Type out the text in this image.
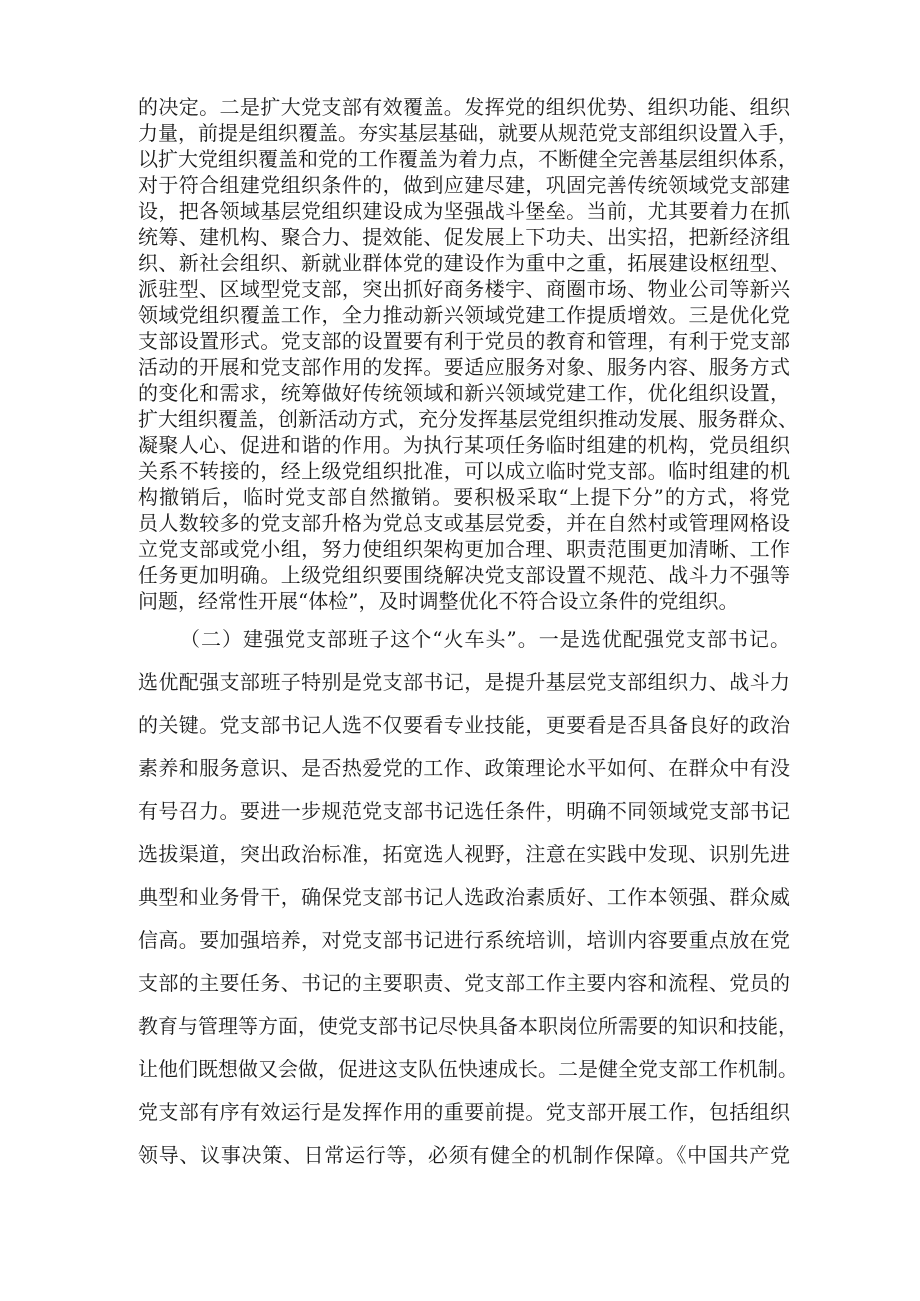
的决定。二是扩大党支部有效覆盖。发挥党的组织优势、组织功能、组织
力量，前提是组织覆盖。夯实基层基础，就要从规范党支部组织设置入手，
以扩大党组织覆盖和党的工作覆盖为着力点，不断健全完善基层组织体系，
对于符合组建党组织条件的，做到应建尽建，巩固完善传统领域党支部建
设，把各领域基层党组织建设成为坚强战斗堡垒。当前，尤其要着力在抓
统筹、建机构、聚合力、提效能、促发展上下功夫、出实招，把新经济组
织、新社会组织、新就业群体党的建设作为重中之重，拓展建设枢纽型、
派驻型、区域型党支部，突出抓好商务楼宇、商圈市场、物业公司等新兴
领域党组织覆盖工作，全力推动新兴领域党建工作提质增效。三是优化党
支部设置形式。党支部的设置要有利于党员的教育和管理，有利于党支部
活动的开展和党支部作用的发挥。要适应服务对象、服务内容、服务方式
的变化和需求，统筹做好传统领域和新兴领域党建工作，优化组织设置，
扩大组织覆盖，创新活动方式，充分发挥基层党组织推动发展、服务群众、
凝聚人心、促进和谐的作用。为执行某项任务临时组建的机构，党员组织
关系不转接的，经上级党组织批准，可以成立临时党支部。临时组建的机
构撤销后，临时党支部自然撤销。要积极采取“上提下分”的方式，将党
员人数较多的党支部升格为党总支或基层党委，并在自然村或管理网格设
立党支部或党小组，努力使组织架构更加合理、职责范围更加清晰、工作
任务更加明确。上级党组织要围绕解决党支部设置不规范、战斗力不强等
问题，经常性开展“体检”，及时调整优化不符合设立条件的党组织。
（二）建强党支部班子这个“火车头”。一是选优配强党支部书记。
选优配强支部班子特别是党支部书记，是提升基层党支部组织力、战斗力
的关键。党支部书记人选不仅要看专业技能，更要看是否具备良好的政治
素养和服务意识、是否热爱党的工作、政策理论水平如何、在群众中有没
有号召力。要进一步规范党支部书记选任条件，明确不同领域党支部书记
选拔渠道，突出政治标准，拓宽选人视野，注意在实践中发现、识别先进
典型和业务骨干，确保党支部书记人选政治素质好、工作本领强、群众威
信高。要加强培养，对党支部书记进行系统培训，培训内容要重点放在党
支部的主要任务、书记的主要职责、党支部工作主要内容和流程、党员的
教育与管理等方面，使党支部书记尽快具备本职岗位所需要的知识和技能，
让他们既想做又会做，促进这支队伍快速成长。二是健全党支部工作机制。
党支部有序有效运行是发挥作用的重要前提。党支部开展工作，包括组织
领导、议事决策、日常运行等，必须有健全的机制作保障。《中国共产党
